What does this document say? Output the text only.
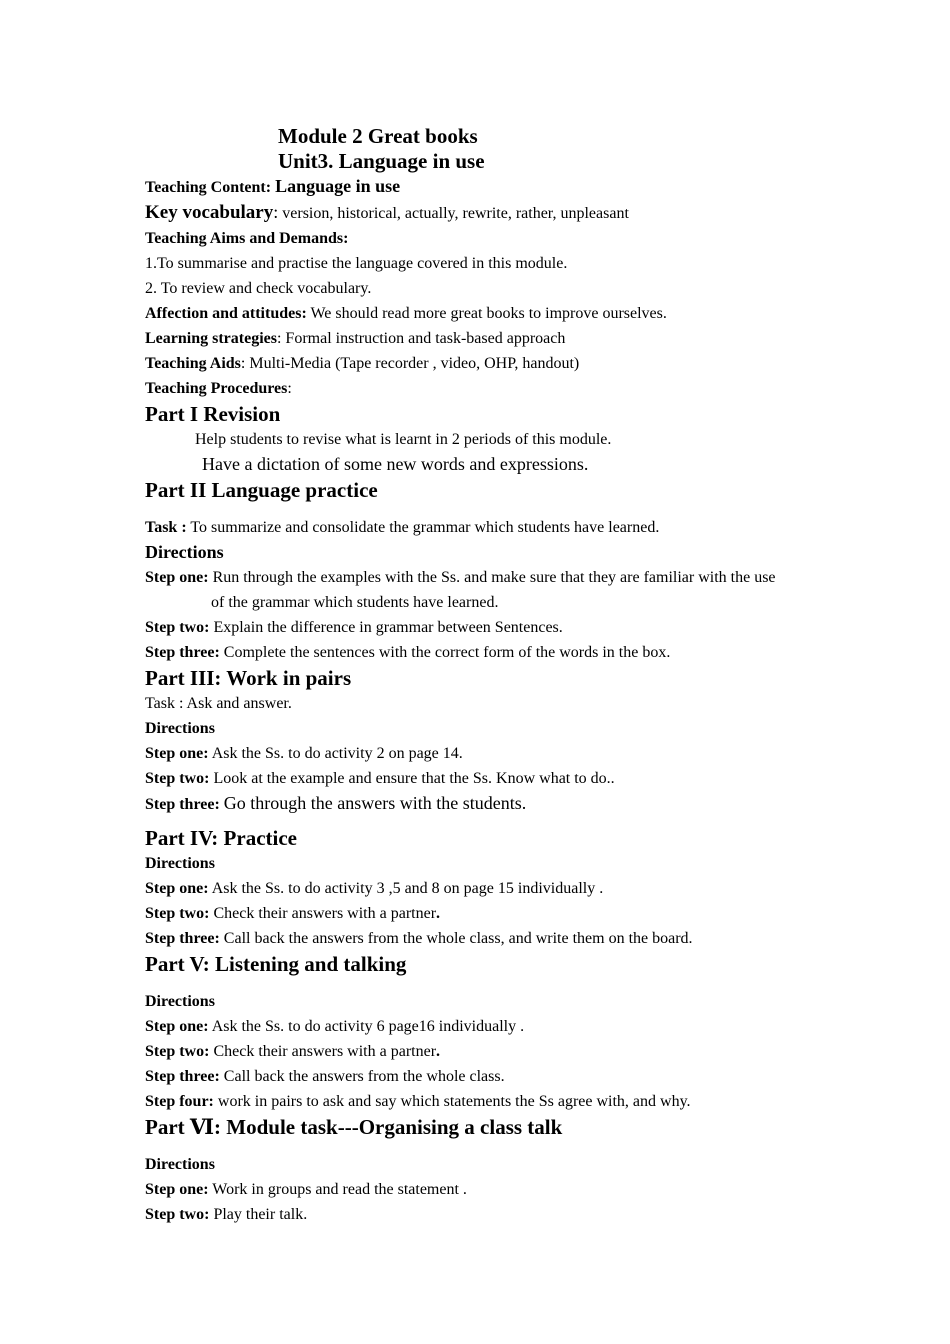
Module 2 Great books
Unit3. Language in use
Teaching Content: Language in use
Key vocabulary: version, historical, actually, rewrite, rather, unpleasant
Teaching Aims and Demands:
1.To summarise and practise the language covered in this module.
2. To review and check vocabulary.
Affection and attitudes: We should read more great books to improve ourselves.
Learning strategies: Formal instruction and task-based approach
Teaching Aids: Multi-Media (Tape recorder , video, OHP, handout)
Teaching Procedures:
Part I Revision
Help students to revise what is learnt in 2 periods of this module.
Have a dictation of some new words and expressions.
Part II Language practice
Task : To summarize and consolidate the grammar which students have learned.
Directions
Step one: Run through the examples with the Ss. and make sure that they are familiar with the use
of the grammar which students have learned.
Step two: Explain the difference in grammar between Sentences.
Step three: Complete the sentences with the correct form of the words in the box.
Part III: Work in pairs
Task : Ask and answer.
Directions
Step one: Ask the Ss. to do activity 2 on page 14.
Step two: Look at the example and ensure that the Ss. Know what to do..
Step three: Go through the answers with the students.
Part IV: Practice
Directions
Step one: Ask the Ss. to do activity 3 ,5 and 8 on page 15 individually .
Step two: Check their answers with a partner.
Step three: Call back the answers from the whole class, and write them on the board.
Part V: Listening and talking
Directions
Step one: Ask the Ss. to do activity 6 page16 individually .
Step two: Check their answers with a partner.
Step three: Call back the answers from the whole class.
Step four: work in pairs to ask and say which statements the Ss agree with, and why.
Part Ⅵ: Module task---Organising a class talk
Directions
Step one: Work in groups and read the statement .
Step two: Play their talk.
